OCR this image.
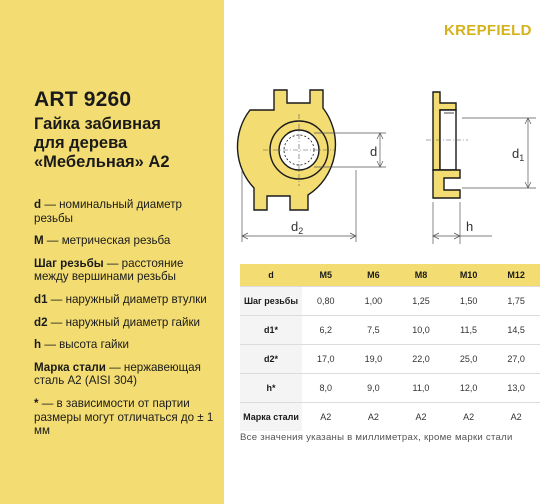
ART 9260
Гайка забивная
для дерева
«Мебельная» A2
d — номинальный диаметр резьбы
M — метрическая резьба
Шаг резьбы — расстояние между вершинами резьбы
d1 — наружный диаметр втулки
d2 — наружный диаметр гайки
h — высота гайки
Марка стали — нержавеющая сталь A2 (AISI 304)
* — в зависимости от партии размеры могут отличаться до ± 1 мм
KREPFIELD
d
$d_2$
$d_1$
h
d	M5	M6	M8	M10	M12
Шаг резьбы	0,80	1,00	1,25	1,50	1,75
d1*	6,2	7,5	10,0	11,5	14,5
d2*	17,0	19,0	22,0	25,0	27,0
h*	8,0	9,0	11,0	12,0	13,0
Марка стали	A2	A2	A2	A2	A2
Все значения указаны в миллиметрах, кроме марки стали
